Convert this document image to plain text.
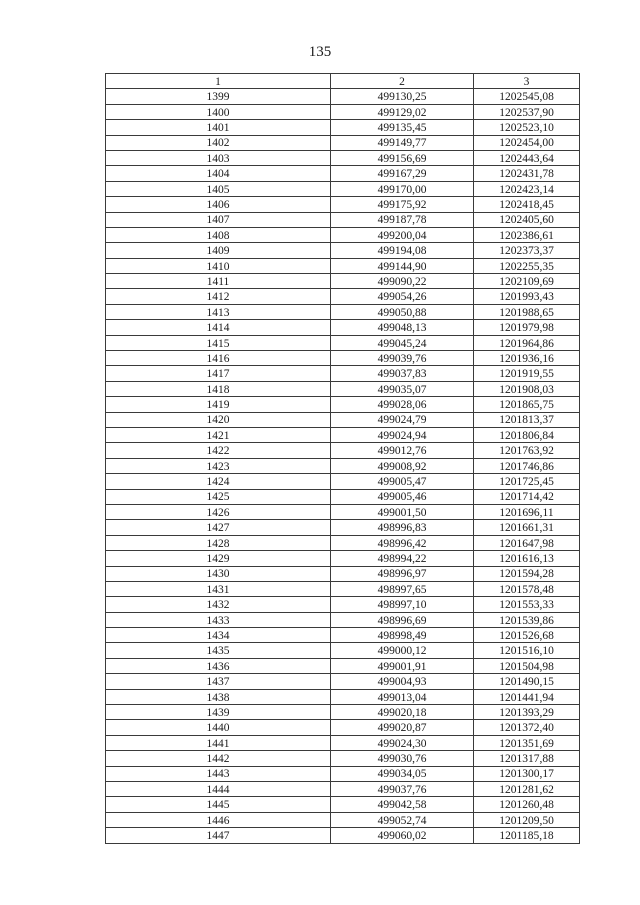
135
1	2	3
1399	499130,25	1202545,08
1400	499129,02	1202537,90
1401	499135,45	1202523,10
1402	499149,77	1202454,00
1403	499156,69	1202443,64
1404	499167,29	1202431,78
1405	499170,00	1202423,14
1406	499175,92	1202418,45
1407	499187,78	1202405,60
1408	499200,04	1202386,61
1409	499194,08	1202373,37
1410	499144,90	1202255,35
1411	499090,22	1202109,69
1412	499054,26	1201993,43
1413	499050,88	1201988,65
1414	499048,13	1201979,98
1415	499045,24	1201964,86
1416	499039,76	1201936,16
1417	499037,83	1201919,55
1418	499035,07	1201908,03
1419	499028,06	1201865,75
1420	499024,79	1201813,37
1421	499024,94	1201806,84
1422	499012,76	1201763,92
1423	499008,92	1201746,86
1424	499005,47	1201725,45
1425	499005,46	1201714,42
1426	499001,50	1201696,11
1427	498996,83	1201661,31
1428	498996,42	1201647,98
1429	498994,22	1201616,13
1430	498996,97	1201594,28
1431	498997,65	1201578,48
1432	498997,10	1201553,33
1433	498996,69	1201539,86
1434	498998,49	1201526,68
1435	499000,12	1201516,10
1436	499001,91	1201504,98
1437	499004,93	1201490,15
1438	499013,04	1201441,94
1439	499020,18	1201393,29
1440	499020,87	1201372,40
1441	499024,30	1201351,69
1442	499030,76	1201317,88
1443	499034,05	1201300,17
1444	499037,76	1201281,62
1445	499042,58	1201260,48
1446	499052,74	1201209,50
1447	499060,02	1201185,18
